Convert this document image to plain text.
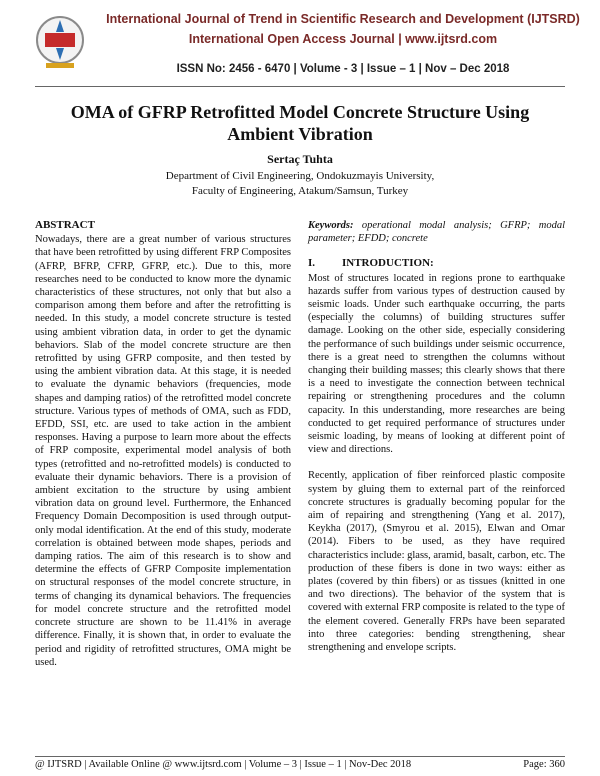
International Journal of Trend in Scientific Research and Development (IJTSRD)
International Open Access Journal | www.ijtsrd.com
ISSN No: 2456 - 6470 | Volume - 3 | Issue – 1 | Nov – Dec 2018
OMA of GFRP Retrofitted Model Concrete Structure Using Ambient Vibration
Sertaç Tuhta
Department of Civil Engineering, Ondokuzmayis University,
Faculty of Engineering, Atakum/Samsun, Turkey
ABSTRACT

Nowadays, there are a great number of various structures that have been retrofitted by using different FRP Composites (AFRP, BFRP, CFRP, GFRP, etc.). Due to this, more researches need to be conducted to know more the dynamic characteristics of these structures, not only that but also a comparison among them before and after the retrofitting is needed. In this study, a model concrete structure is tested using ambient vibration data, in order to get the dynamic behaviors. Slab of the model concrete structure are then retrofitted by using GFRP composite, and then tested by using the ambient vibration data. At this stage, it is needed to evaluate the dynamic behaviors (frequencies, mode shapes and damping ratios) of the retrofitted model concrete structure. Various types of methods of OMA, such as FDD, EFDD, SSI, etc. are used to take action in the ambient responses. Having a purpose to learn more about the effects of FRP composite, experimental model analysis of both types (retrofitted and no-retrofitted models) is conducted to evaluate their dynamic behaviors. There is a provision of ambient excitation to the structure by using ambient vibration data on ground level. Furthermore, the Enhanced Frequency Domain Decomposition is used through output-only modal identification. At the end of this study, moderate correlation is obtained between mode shapes, periods and damping ratios. The aim of this research is to show and determine the effects of GFRP Composite implementation on structural responses of the model concrete structure, in terms of changing its dynamical behaviors. The frequencies for model concrete structure and the retrofitted model concrete structure are shown to be 11.41% in average difference. Finally, it is shown that, in order to evaluate the period and rigidity of retrofitted structures, OMA might be used.

Keywords: operational modal analysis; GFRP; modal parameter; EFDD; concrete

I. INTRODUCTION:

Most of structures located in regions prone to earthquake hazards suffer from various types of destruction caused by seismic loads. Under such earthquake occurring, the parts (especially the columns) of building structures suffer damage. Looking on the other side, especially considering the performance of such buildings under seismic occurrence, there is a great need to strengthen the columns without changing their building masses; this clearly shows that there is a need to investigate the connection between technical repairing or strengthening procedures and the column capacity. In this understanding, more researches are being conducted to get required performance of structures under seismic loading, by means of looking at different point of view and directions.

Recently, application of fiber reinforced plastic composite system by gluing them to external part of the reinforced concrete structures is gradually becoming popular for the aim of repairing and strengthening (Yang et al. 2017), Keykha (2017), (Smyrou et al. 2015), Elwan and Omar (2014). Fibers to be used, as they have required characteristics include: glass, aramid, basalt, carbon, etc. The production of these fibers is done in two ways: either as plates (covered by thin fibers) or as tissues (knitted in one and two directions). The behavior of the system that is covered with external FRP composite is related to the type of the element covered. Generally FRPs have been separated into three categories: bending strengthening, shear strengthening and envelope scripts.

@ IJTSRD | Available Online @ www.ijtsrd.com | Volume – 3 | Issue – 1 | Nov-Dec 2018	Page: 360
